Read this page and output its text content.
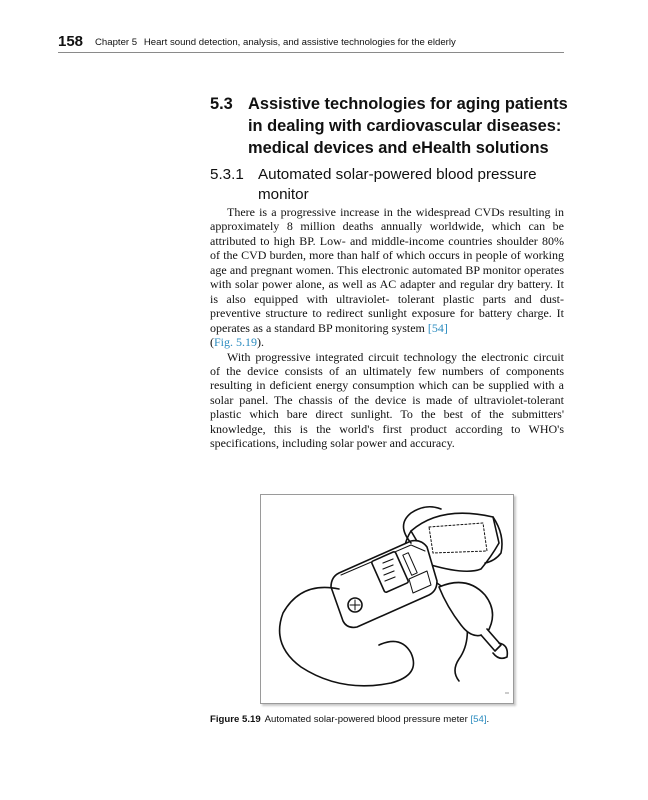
158 Chapter 5 Heart sound detection, analysis, and assistive technologies for the elderly
5.3 Assistive technologies for aging patients in dealing with cardiovascular diseases: medical devices and eHealth solutions
5.3.1 Automated solar-powered blood pressure monitor

There is a progressive increase in the widespread CVDs resulting in approximately 8 million deaths annually worldwide, which can be attributed to high BP. Low- and middle-income countries shoulder 80% of the CVD burden, more than half of which occurs in people of working age and pregnant women. This electronic automated BP monitor operates with solar power alone, as well as AC adapter and regular dry battery. It is also equipped with ultraviolet- tolerant plastic parts and dust-preventive structure to redirect sunlight exposure for battery charge. It operates as a standard BP monitoring system [54]
(Fig. 5.19).

With progressive integrated circuit technology the electronic circuit of the device consists of an ultimately few numbers of components resulting in deficient energy consumption which can be supplied with a solar panel. The chassis of the device is made of ultraviolet-tolerant plastic which bare direct sunlight. To the best of the submitters' knowledge, this is the world's first product according to WHO's specifications, including solar power and accuracy.

Figure 5.19 Automated solar-powered blood pressure meter [54].
